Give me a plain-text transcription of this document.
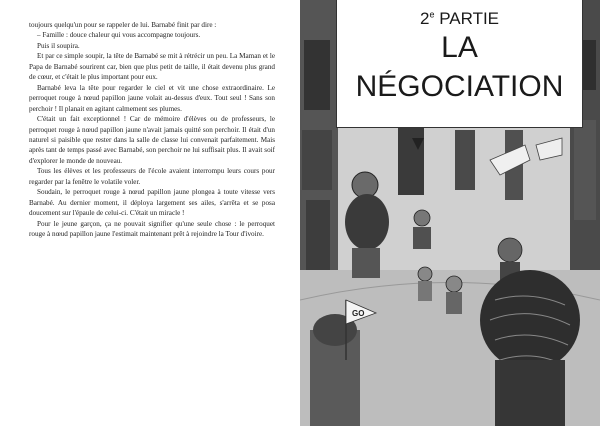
toujours quelqu'un pour se rappeler de lui. Barnabé finit par dire :

– Famille : douce chaleur qui vous accompagne toujours.

Puis il soupira.

Et par ce simple soupir, la tête de Barnabé se mit à rétrécir un peu. La Maman et le Papa de Barnabé sourirent car, bien que plus petit de taille, il était devenu plus grand de cœur, et c'était le plus important pour eux.

Barnabé leva la tête pour regarder le ciel et vit une chose extraordinaire. Le perroquet rouge à nœud papillon jaune volait au-dessus d'eux. Tout seul ! Sans son perchoir ! Il planait en agitant calmement ses plumes.

C'était un fait exceptionnel ! Car de mémoire d'élèves ou de professeurs, le perroquet rouge à nœud papillon jaune n'avait jamais quitté son perchoir. Il était d'un naturel si paisible que rester dans la salle de classe lui convenait parfaitement. Mais après tant de temps passé avec Barnabé, son perchoir ne lui suffisait plus. Il avait soif d'explorer le monde de nouveau.

Tous les élèves et les professeurs de l'école avaient interrompu leurs cours pour regarder par la fenêtre le volatile voler.

Soudain, le perroquet rouge à nœud papillon jaune plongea à toute vitesse vers Barnabé. Au dernier moment, il déploya largement ses ailes, s'arrêta et se posa doucement sur l'épaule de celui-ci. C'était un miracle !

Pour le jeune garçon, ça ne pouvait signifier qu'une seule chose : le perroquet rouge à nœud papillon jaune l'estimait maintenant prêt à rejoindre la Tour d'ivoire.

GO
2e PARTIE
LA
NÉGOCIATION
